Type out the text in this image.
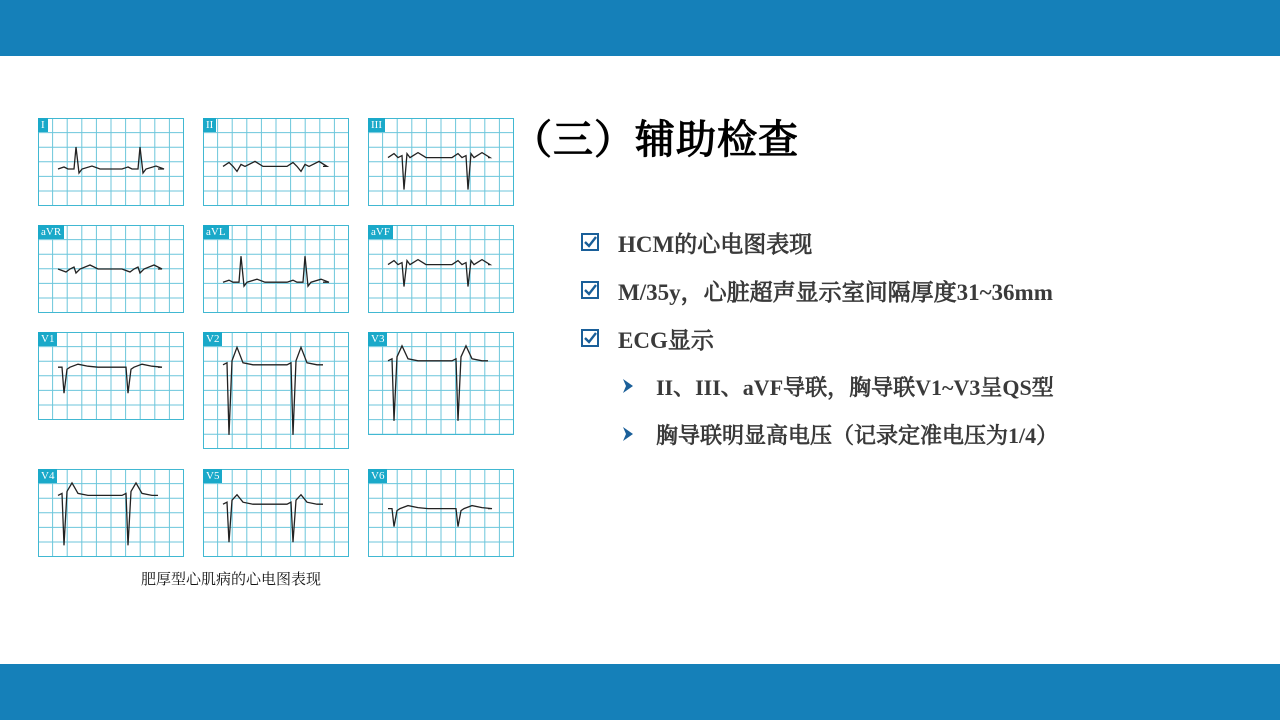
I	II	III
aVR	aVL	aVF
V1	V2	V3
V4	V5	V6
肥厚型心肌病的心电图表现
（三）辅助检查
HCM的心电图表现
M/35y，心脏超声显示室间隔厚度31~36mm
ECG显示
II、III、aVF导联，胸导联V1~V3呈QS型
胸导联明显高电压（记录定准电压为1/4）
